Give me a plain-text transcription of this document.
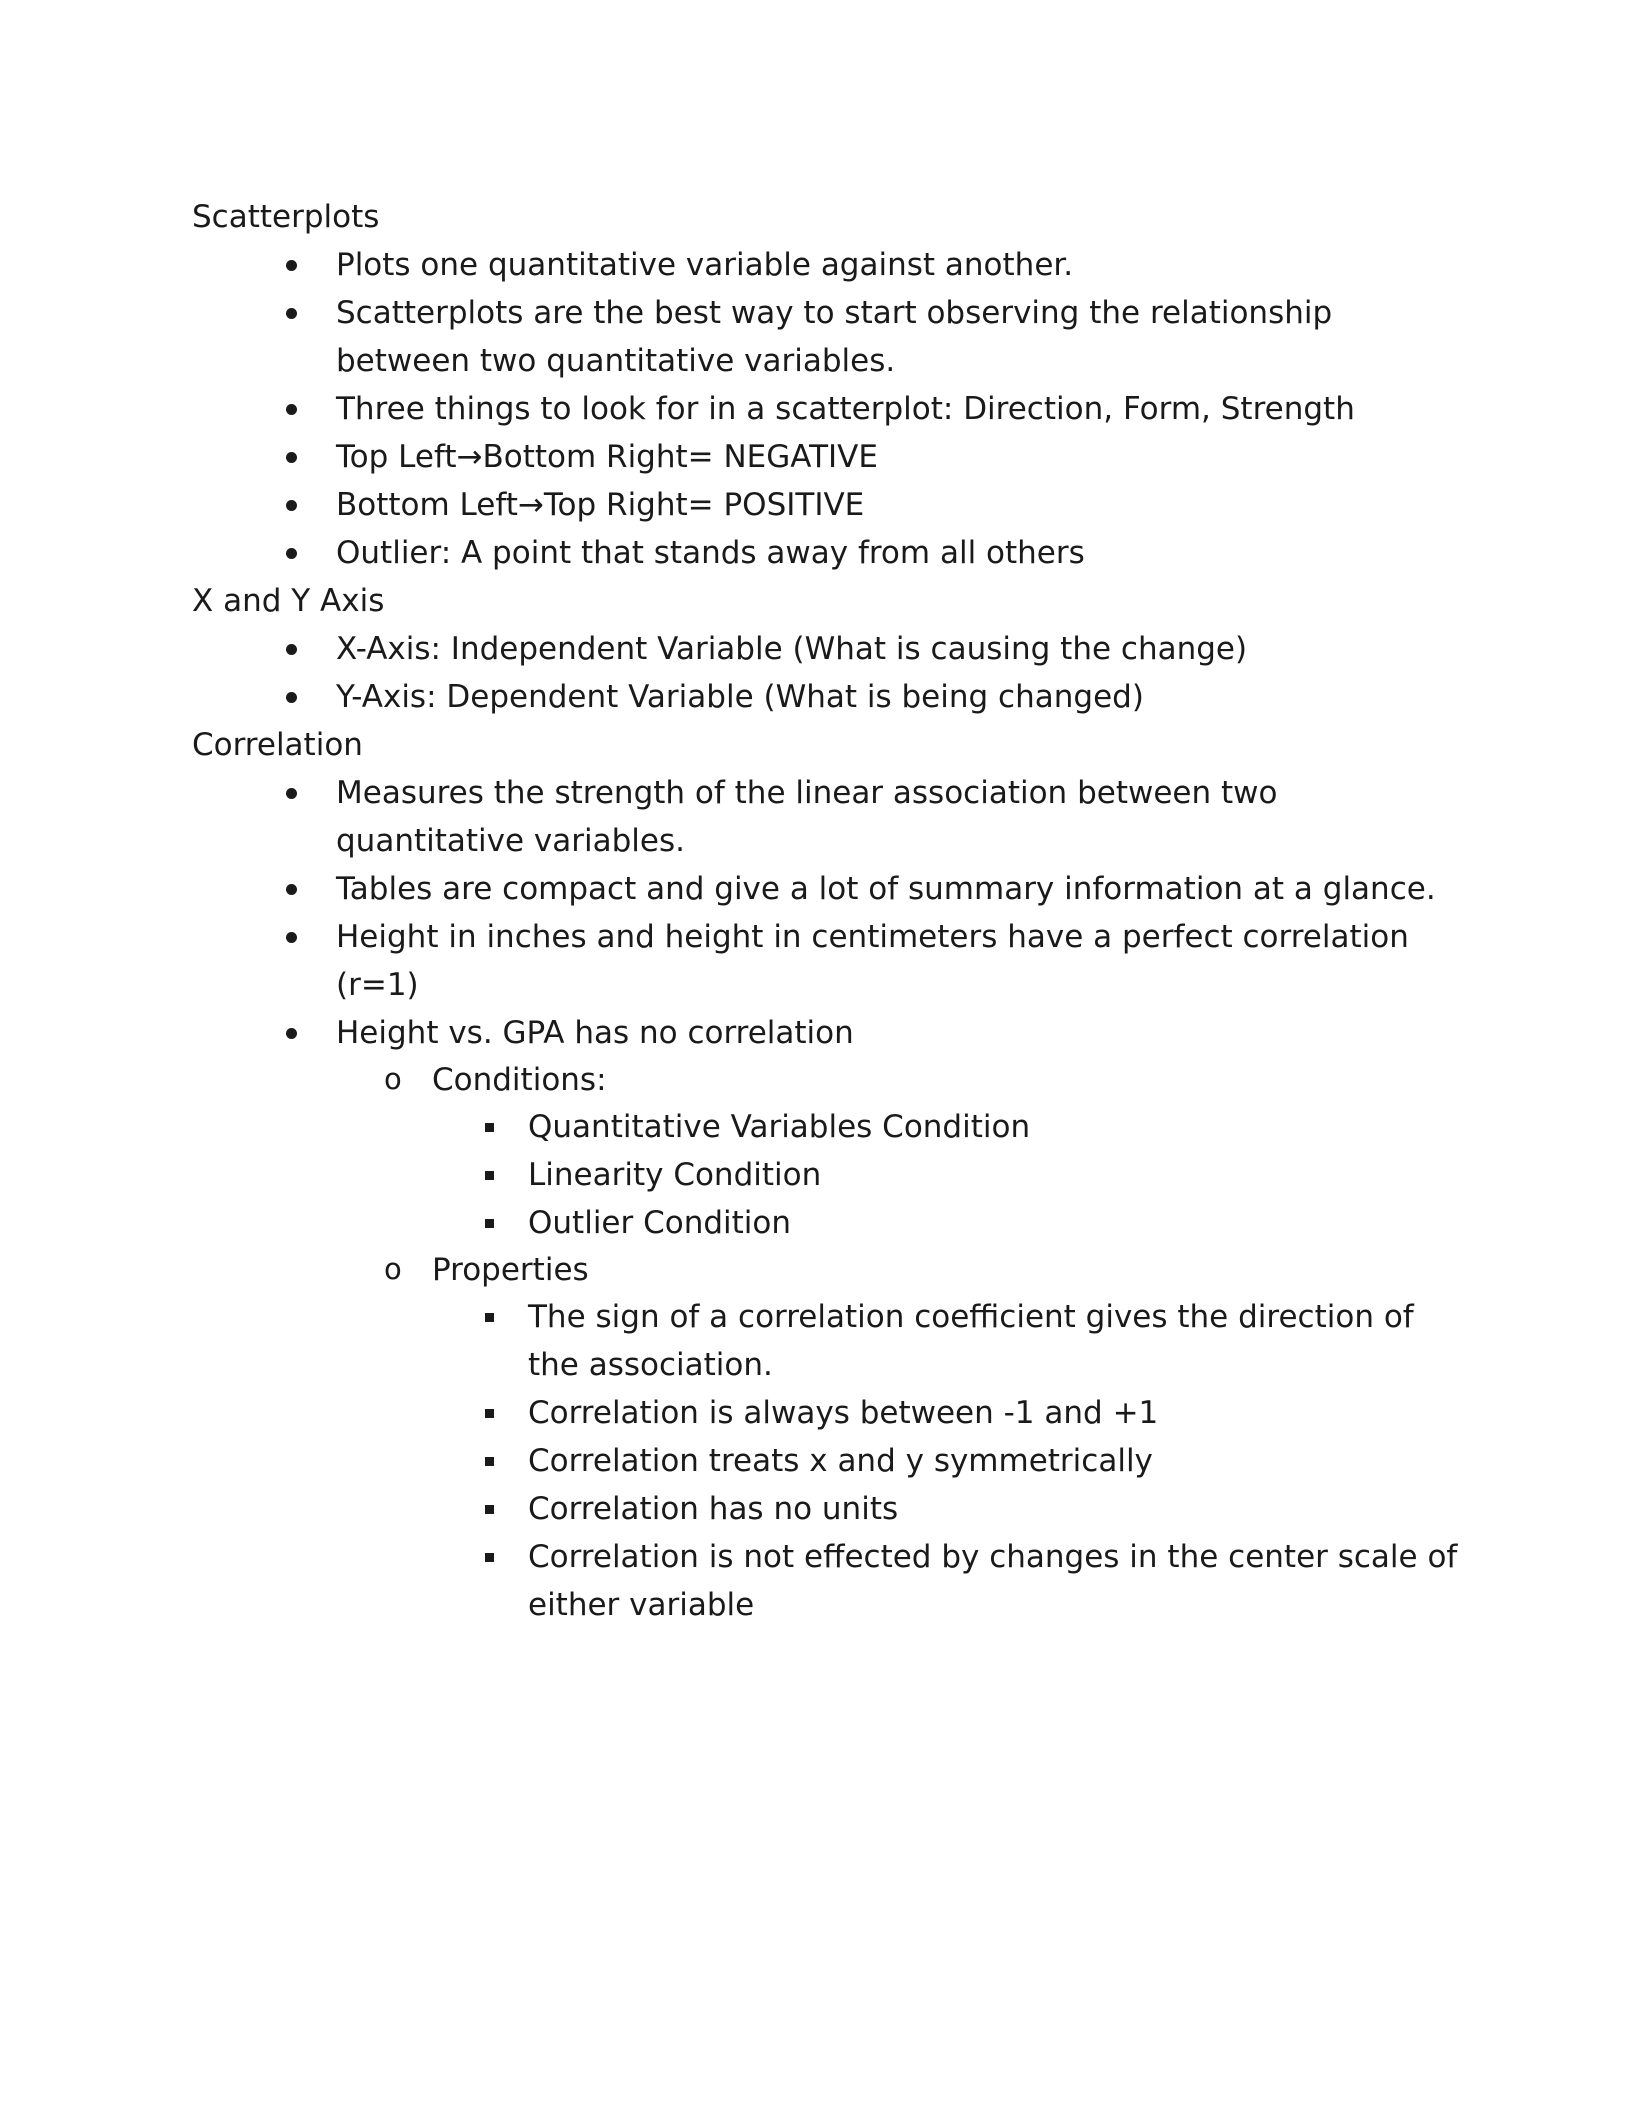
Scatterplots

Plots one quantitative variable against another.
Scatterplots are the best way to start observing the relationship between two quantitative variables.
Three things to look for in a scatterplot: Direction, Form, Strength
Top Left→Bottom Right= NEGATIVE
Bottom Left→Top Right= POSITIVE
Outlier: A point that stands away from all others

X and Y Axis

X-Axis: Independent Variable (What is causing the change)
Y-Axis: Dependent Variable (What is being changed)

Correlation

Measures the strength of the linear association between two quantitative variables.
Tables are compact and give a lot of summary information at a glance.
Height in inches and height in centimeters have a perfect correlation (r=1)
Height vs. GPA has no correlation
o Conditions:
Quantitative Variables Condition
Linearity Condition
Outlier Condition
o Properties
The sign of a correlation coefficient gives the direction of the association.
Correlation is always between -1 and +1
Correlation treats x and y symmetrically
Correlation has no units
Correlation is not effected by changes in the center scale of either variable
